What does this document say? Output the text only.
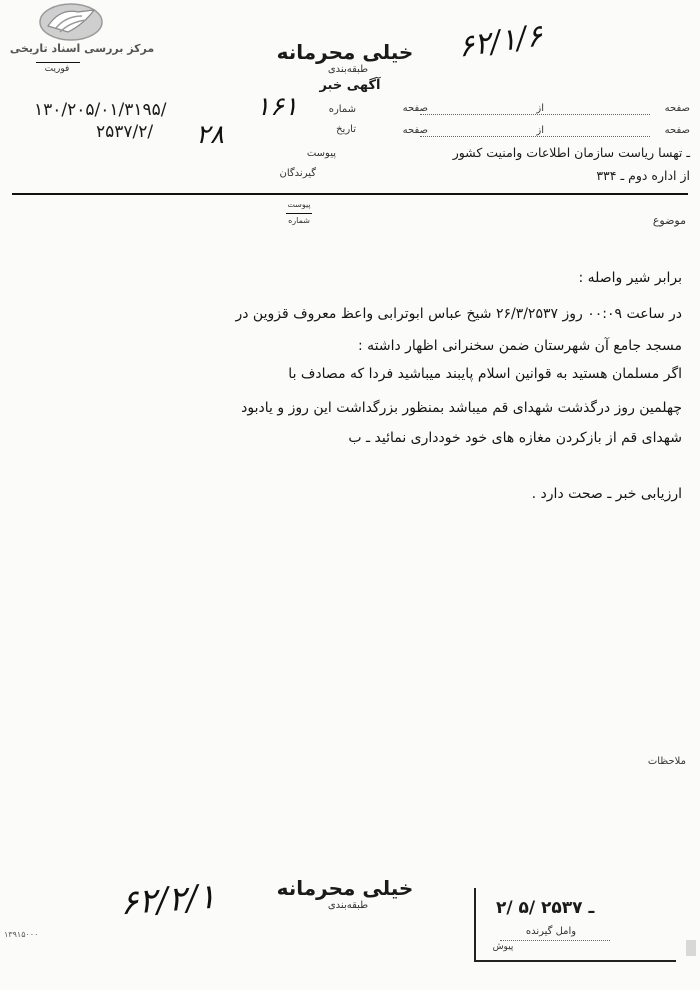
مرکز بررسی اسناد تاریخی
فوریت
خیلی محرمانه
طبقه‌بندی
آگهی خبر
۶۲/۱/۶
صفحه
صفحه
از
از
صفحه
صفحه
ـ تهسا ریاست سازمان اطلاعات وامنیت کشور
از اداره دوم ـ ۳۳۴
شماره
تاریخ
پیوست
گیرندگان
۱۶۱
۱۳۰/۲۰۵/۰۱/۳۱۹۵/
۲۸
۲۵۳۷/۲/
پیوست
شماره	موضوع
برابر شیر واصله :
در ساعت ۰۰:۰۹ روز ۲۶/۳/۲۵۳۷ شیخ عباس ابوترابی واعظ معروف قزوین در
مسجد جامع آن شهرستان ضمن سخنرانی اظهار داشته :
اگر مسلمان هستید به قوانین اسلام پایبند میباشید فردا که مصادف با
چهلمین روز درگذشت شهدای قم میباشد بمنظور بزرگداشت این روز و یادبود
شهدای قم از بازکردن مغازه های خود خودداری نمائید ـ ب
ارزیابی خبر ـ صحت دارد .
ملاحظات
خیلی محرمانه
طبقه‌بندی
۶۲/۲/۱	۲/ ۵/ ۲۵۳۷ ـ
وامل گیرنده
پیوش
۱۳۹۱۵۰۰۰
